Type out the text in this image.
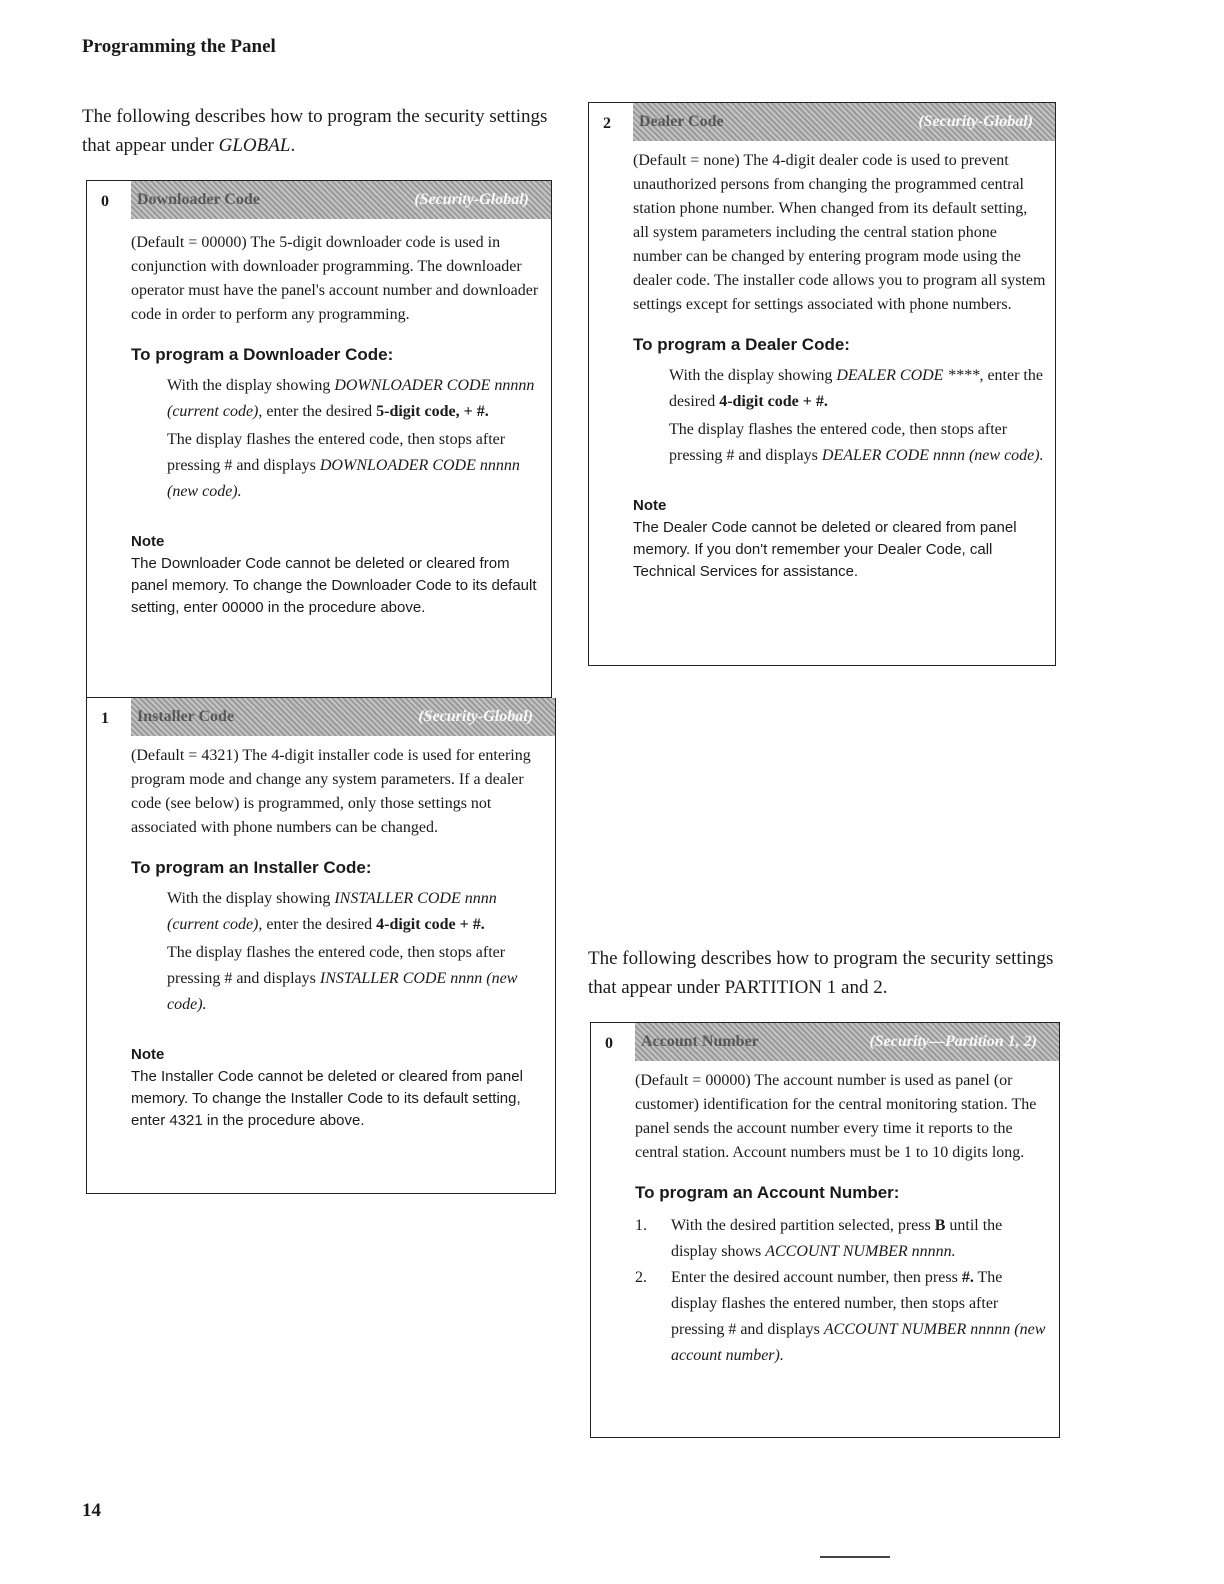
Programming the Panel
The following describes how to program the security settings that appear under GLOBAL.
0 Downloader Code	(Security-Global)
(Default = 00000) The 5-digit downloader code is used in conjunction with downloader programming. The downloader operator must have the panel's account number and downloader code in order to perform any programming.
To program a Downloader Code:
With the display showing DOWNLOADER CODE nnnnn (current code), enter the desired 5-digit code, + #.
The display flashes the entered code, then stops after pressing # and displays DOWNLOADER CODE nnnnn (new code).
Note
The Downloader Code cannot be deleted or cleared from panel memory. To change the Downloader Code to its default setting, enter 00000 in the procedure above.
1 Installer Code	(Security-Global)
(Default = 4321) The 4-digit installer code is used for entering program mode and change any system parameters. If a dealer code (see below) is programmed, only those settings not associated with phone numbers can be changed.
To program an Installer Code:
With the display showing INSTALLER CODE nnnn (current code), enter the desired 4-digit code + #.
The display flashes the entered code, then stops after pressing # and displays INSTALLER CODE nnnn (new code).
Note
The Installer Code cannot be deleted or cleared from panel memory. To change the Installer Code to its default setting, enter 4321 in the procedure above.
2 Dealer Code	(Security-Global)
(Default = none) The 4-digit dealer code is used to prevent unauthorized persons from changing the programmed central station phone number. When changed from its default setting, all system parameters including the central station phone number can be changed by entering program mode using the dealer code. The installer code allows you to program all system settings except for settings associated with phone numbers.
To program a Dealer Code:
With the display showing DEALER CODE ****, enter the desired 4-digit code + #.
The display flashes the entered code, then stops after pressing # and displays DEALER CODE nnnn (new code).
Note
The Dealer Code cannot be deleted or cleared from panel memory. If you don't remember your Dealer Code, call Technical Services for assistance.
The following describes how to program the security settings that appear under PARTITION 1 and 2.
0 Account Number	(Security—Partition 1, 2)
(Default = 00000) The account number is used as panel (or customer) identification for the central monitoring station. The panel sends the account number every time it reports to the central station. Account numbers must be 1 to 10 digits long.
To program an Account Number:
1.	With the desired partition selected, press B until the display shows ACCOUNT NUMBER nnnnn.
2.	Enter the desired account number, then press #. The display flashes the entered number, then stops after pressing # and displays ACCOUNT NUMBER nnnnn (new account number).
14
